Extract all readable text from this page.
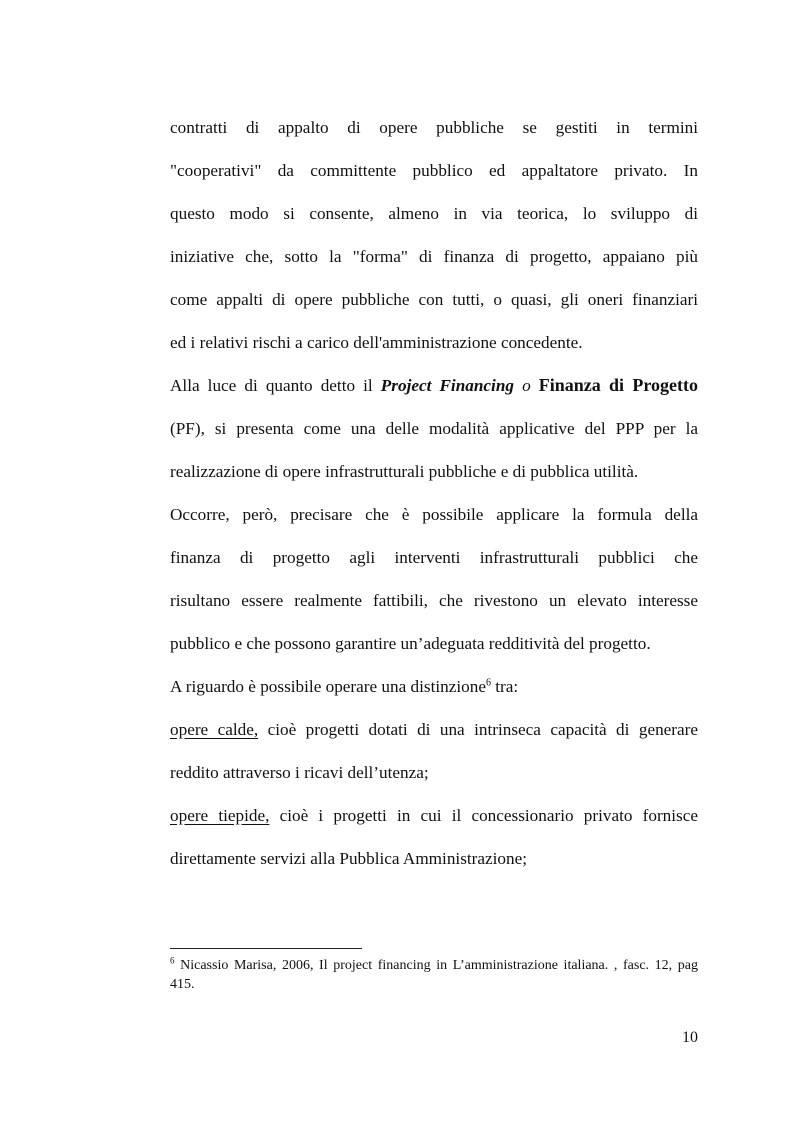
contratti di appalto di opere pubbliche se gestiti in termini
"cooperativi" da committente pubblico ed appaltatore privato. In
questo modo si consente, almeno in via teorica, lo sviluppo di
iniziative che, sotto la "forma" di finanza di progetto, appaiano più
come appalti di opere pubbliche con tutti, o quasi, gli oneri finanziari
ed i relativi rischi a carico dell'amministrazione concedente.
Alla luce di quanto detto il Project Financing o Finanza di Progetto
(PF), si presenta come una delle modalità applicative del PPP per la
realizzazione di opere infrastrutturali pubbliche e di pubblica utilità.
Occorre, però, precisare che è possibile applicare la formula della
finanza di progetto agli interventi infrastrutturali pubblici che
risultano essere realmente fattibili, che rivestono un elevato interesse
pubblico e che possono garantire un’adeguata redditività del progetto.
A riguardo è possibile operare una distinzione$^6$ tra:
opere calde, cioè progetti dotati di una intrinseca capacità di generare
reddito attraverso i ricavi dell’utenza;
opere tiepide, cioè i progetti in cui il concessionario privato fornisce
direttamente servizi alla Pubblica Amministrazione;
$^6$ Nicassio Marisa, 2006, Il project financing in L’amministrazione italiana. , fasc. 12, pag 415.
10
